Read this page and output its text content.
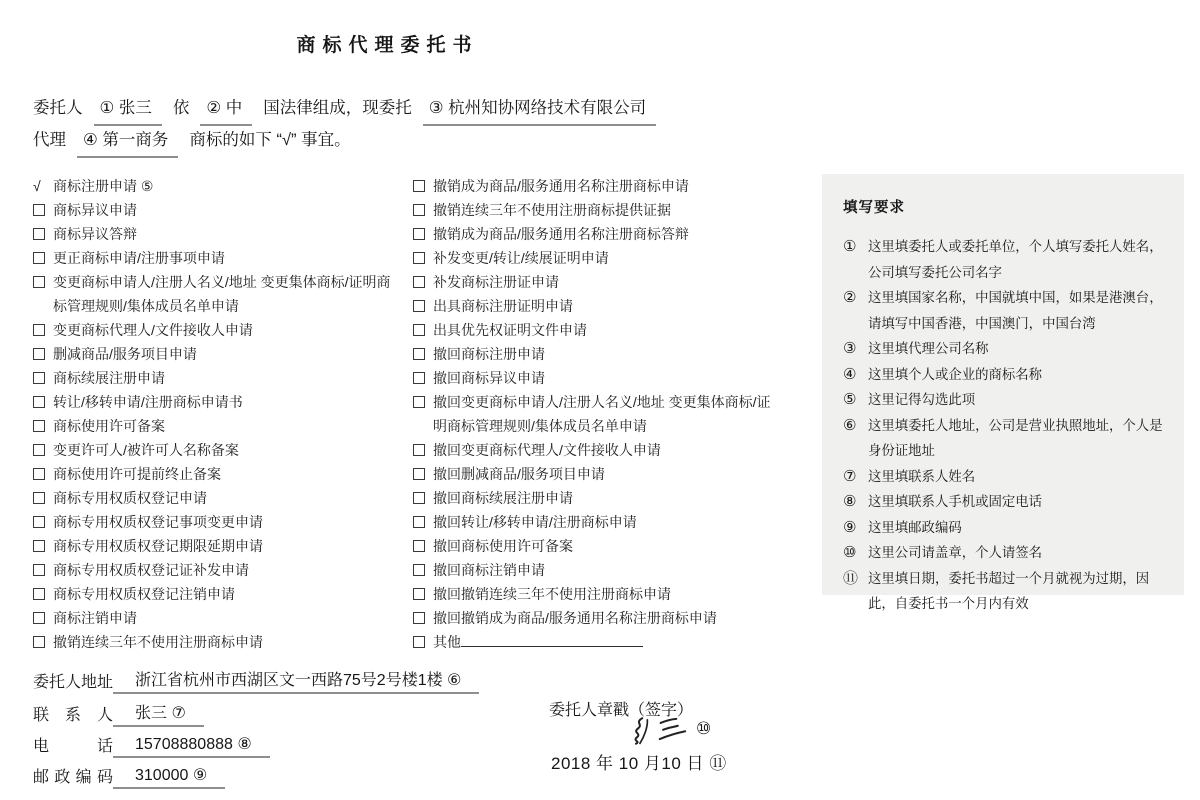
商标代理委托书
委托人 ① 张三 依 ② 中 国法律组成，现委托 ③ 杭州知协网络技术有限公司
代理 ④ 第一商务 商标的如下 “√” 事宜。
√ 商标注册申请 ⑤
商标异议申请
商标异议答辩
更正商标申请/注册事项申请
变更商标申请人/注册人名义/地址 变更集体商标/证明商标管理规则/集体成员名单申请
变更商标代理人/文件接收人申请
删减商品/服务项目申请
商标续展注册申请
转让/移转申请/注册商标申请书
商标使用许可备案
变更许可人/被许可人名称备案
商标使用许可提前终止备案
商标专用权质权登记申请
商标专用权质权登记事项变更申请
商标专用权质权登记期限延期申请
商标专用权质权登记证补发申请
商标专用权质权登记注销申请
商标注销申请
撤销连续三年不使用注册商标申请
撤销成为商品/服务通用名称注册商标申请
撤销连续三年不使用注册商标提供证据
撤销成为商品/服务通用名称注册商标答辩
补发变更/转让/续展证明申请
补发商标注册证申请
出具商标注册证明申请
出具优先权证明文件申请
撤回商标注册申请
撤回商标异议申请
撤回变更商标申请人/注册人名义/地址 变更集体商标/证明商标管理规则/集体成员名单申请
撤回变更商标代理人/文件接收人申请
撤回删减商品/服务项目申请
撤回商标续展注册申请
撤回转让/移转申请/注册商标申请
撤回商标使用许可备案
撤回商标注销申请
撤回撤销连续三年不使用注册商标申请
撤回撤销成为商品/服务通用名称注册商标申请
其他
填写要求
① 这里填委托人或委托单位，个人填写委托人姓名，公司填写委托公司名字
② 这里填国家名称，中国就填中国，如果是港澳台，请填写中国香港，中国澳门，中国台湾
③ 这里填代理公司名称
④ 这里填个人或企业的商标名称
⑤ 这里记得勾选此项
⑥ 这里填委托人地址，公司是营业执照地址，个人是身份证地址
⑦ 这里填联系人姓名
⑧ 这里填联系人手机或固定电话
⑨ 这里填邮政编码
⑩ 这里公司请盖章，个人请签名
⑪ 这里填日期，委托书超过一个月就视为过期，因此，自委托书一个月内有效
委托人地址	浙江省杭州市西湖区文一西路75号2号楼1楼 ⑥
联系人	张三 ⑦
电话	15708880888 ⑧
邮政编码	310000 ⑨
委托人章戳（签字）
⑩
2018 年 10 月10 日 ⑪
